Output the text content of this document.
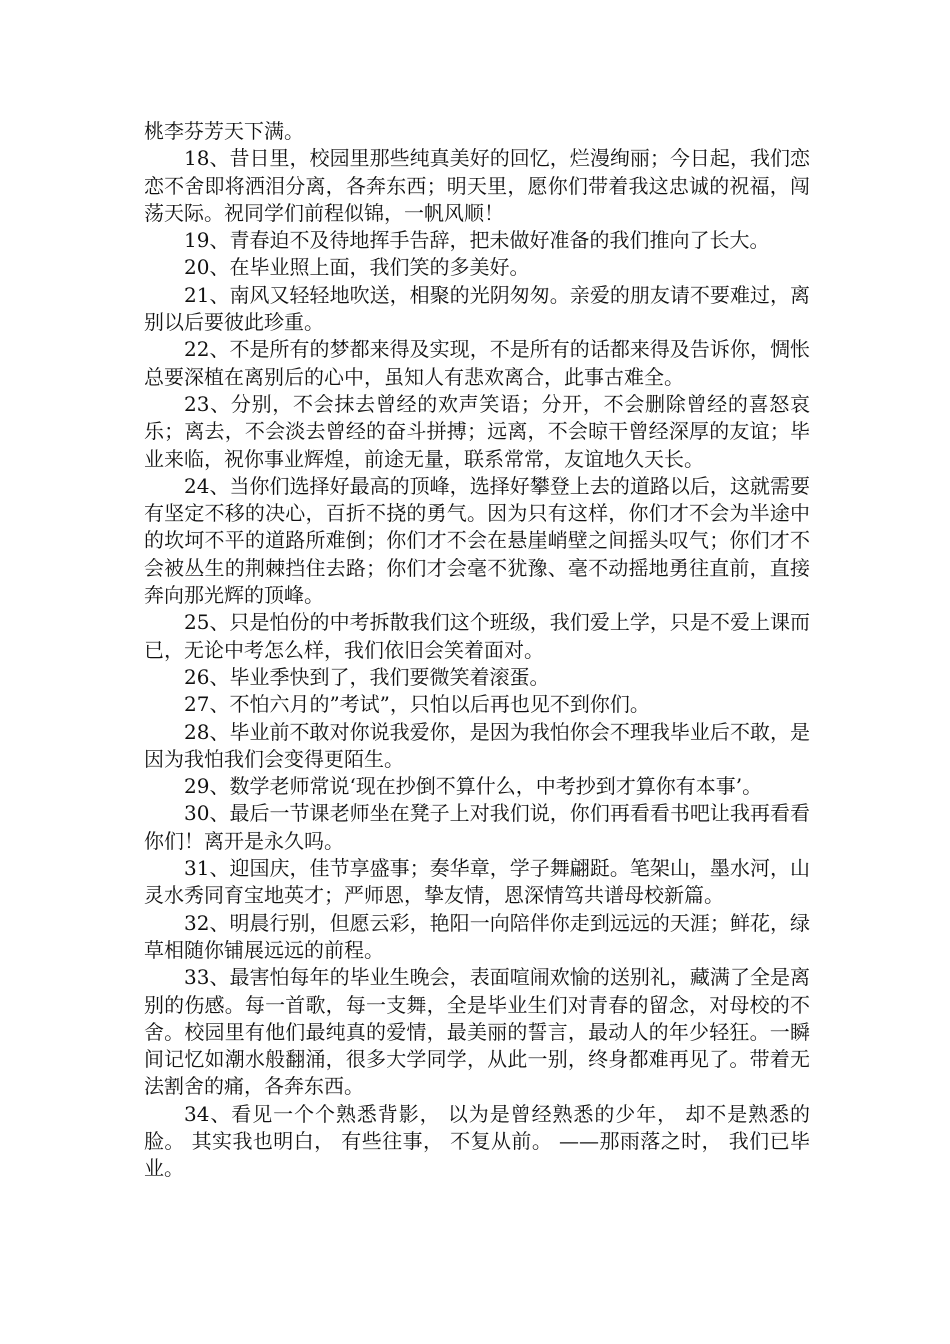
桃李芬芳天下满。

18、昔日里，校园里那些纯真美好的回忆，烂漫绚丽；今日起，我们恋恋不舍即将洒泪分离，各奔东西；明天里，愿你们带着我这忠诚的祝福，闯荡天际。祝同学们前程似锦，一帆风顺！

19、青春迫不及待地挥手告辞，把未做好准备的我们推向了长大。

20、在毕业照上面，我们笑的多美好。

21、南风又轻轻地吹送，相聚的光阴匆匆。亲爱的朋友请不要难过，离别以后要彼此珍重。

22、不是所有的梦都来得及实现，不是所有的话都来得及告诉你，惆怅总要深植在离别后的心中，虽知人有悲欢离合，此事古难全。

23、分别，不会抹去曾经的欢声笑语；分开，不会删除曾经的喜怒哀乐；离去，不会淡去曾经的奋斗拼搏；远离，不会晾干曾经深厚的友谊；毕业来临，祝你事业辉煌，前途无量，联系常常，友谊地久天长。

24、当你们选择好最高的顶峰，选择好攀登上去的道路以后，这就需要有坚定不移的决心，百折不挠的勇气。因为只有这样，你们才不会为半途中的坎坷不平的道路所难倒；你们才不会在悬崖峭壁之间摇头叹气；你们才不会被丛生的荆棘挡住去路；你们才会毫不犹豫、毫不动摇地勇往直前，直接奔向那光辉的顶峰。

25、只是怕份的中考拆散我们这个班级，我们爱上学，只是不爱上课而已，无论中考怎么样，我们依旧会笑着面对。

26、毕业季快到了，我们要微笑着滚蛋。

27、不怕六月的”考试”，只怕以后再也见不到你们。

28、毕业前不敢对你说我爱你，是因为我怕你会不理我毕业后不敢，是因为我怕我们会变得更陌生。

29、数学老师常说‘现在抄倒不算什么，中考抄到才算你有本事’。

30、最后一节课老师坐在凳子上对我们说，你们再看看书吧让我再看看你们！离开是永久吗。

31、迎国庆，佳节享盛事；奏华章，学子舞翩跹。笔架山，墨水河，山灵水秀同育宝地英才；严师恩，挚友情，恩深情笃共谱母校新篇。

32、明晨行别，但愿云彩，艳阳一向陪伴你走到远远的天涯；鲜花，绿草相随你铺展远远的前程。

33、最害怕每年的毕业生晚会，表面喧闹欢愉的送别礼，藏满了全是离别的伤感。每一首歌，每一支舞，全是毕业生们对青春的留念，对母校的不舍。校园里有他们最纯真的爱情，最美丽的誓言，最动人的年少轻狂。一瞬间记忆如潮水般翻涌，很多大学同学，从此一别，终身都难再见了。带着无法割舍的痛，各奔东西。

34、看见一个个熟悉背影， 以为是曾经熟悉的少年， 却不是熟悉的脸。 其实我也明白， 有些往事， 不复从前。 ——那雨落之时， 我们已毕业。
